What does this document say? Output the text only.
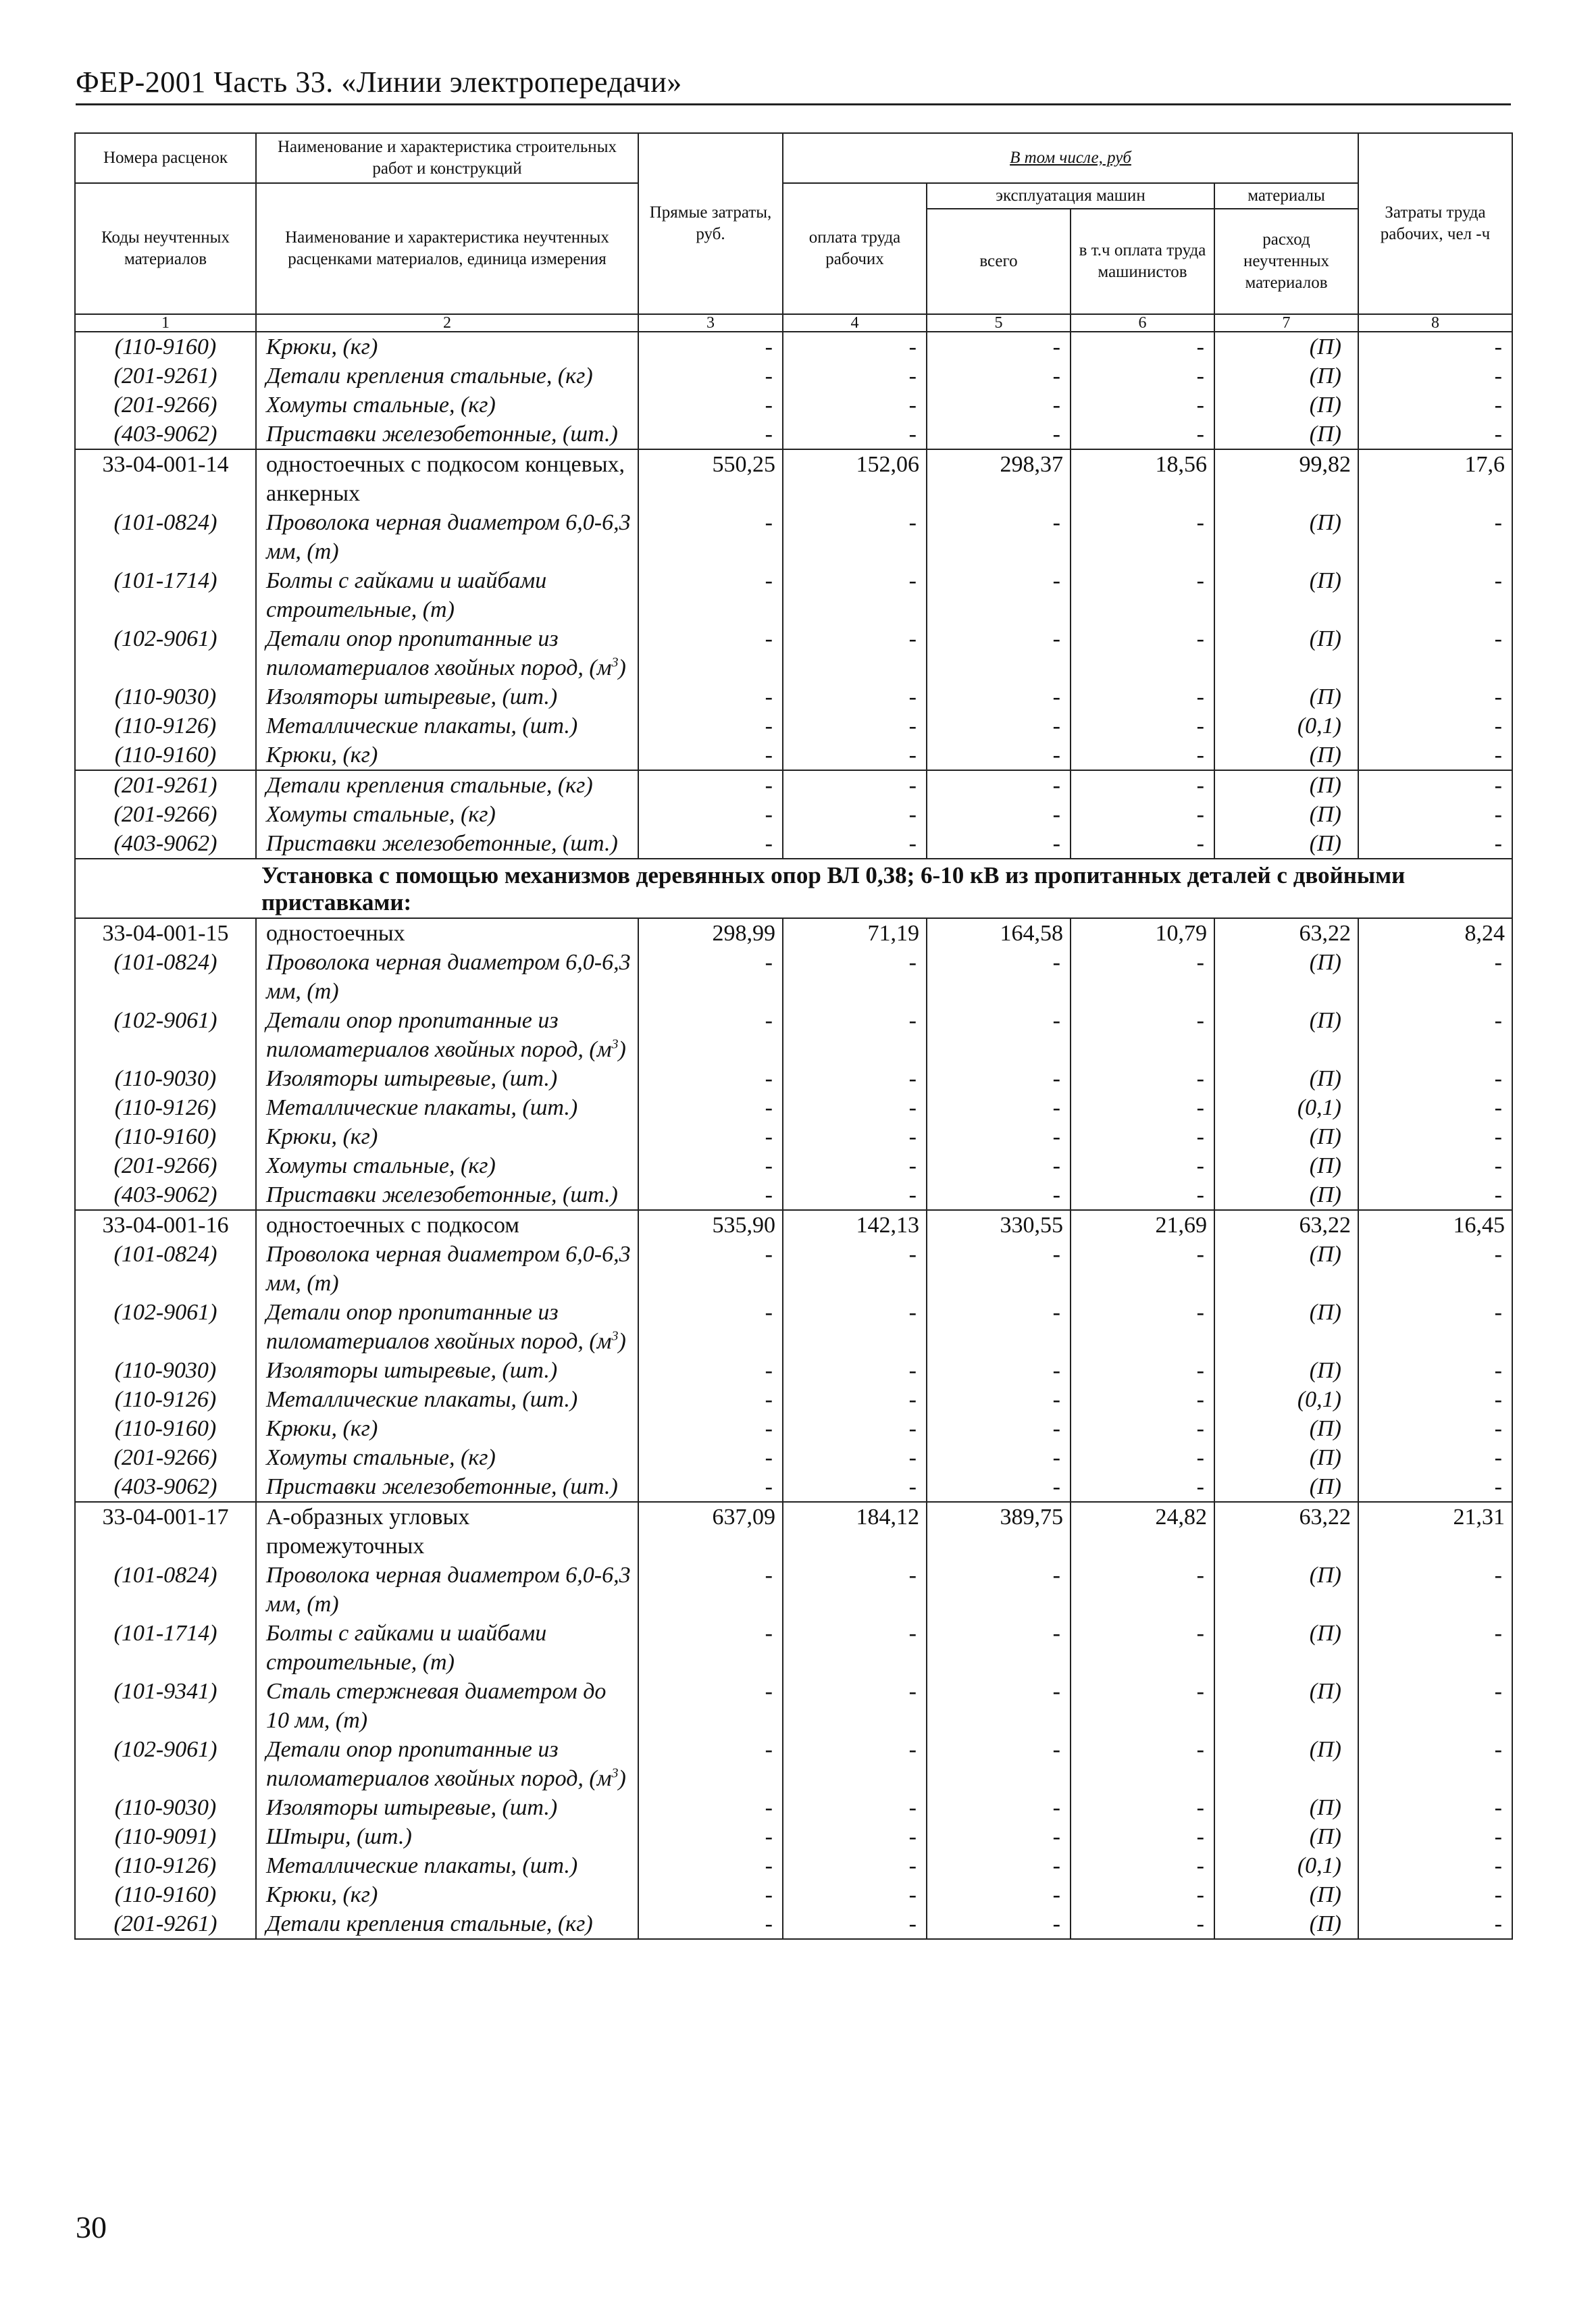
ФЕР-2001 Часть 33. «Линии электропередачи»
Номера расценок	Наименование и характеристика строительных работ и конструкций	Прямые затраты, руб.	В том числе, руб				Затраты труда рабочих, чел -ч
Коды неучтенных материалов	Наименование и характеристика неучтенных расценками материалов, единица измерения		оплата труда рабочих	эксплуатация машин		материалы	
				всего	в т.ч оплата труда машинистов	расход неучтенных материалов	
1	2	3	4	5	6	7	8
(110-9160)	Крюки, (кг)	-	-	-	-	(П)	-
(201-9261)	Детали крепления стальные, (кг)	-	-	-	-	(П)	-
(201-9266)	Хомуты стальные, (кг)	-	-	-	-	(П)	-
(403-9062)	Приставки железобетонные, (шт.)	-	-	-	-	(П)	-
33-04-001-14	одностоечных с подкосом концевых, анкерных	550,25	152,06	298,37	18,56	99,82	17,6
(101-0824)	Проволока черная диаметром 6,0-6,3 мм, (т)	-	-	-	-	(П)	-
(101-1714)	Болты с гайками и шайбами строительные, (т)	-	-	-	-	(П)	-
(102-9061)	Детали опор пропитанные из пиломатериалов хвойных пород, $(м^3)$	-	-	-	-	(П)	-
(110-9030)	Изоляторы штыревые, (шт.)	-	-	-	-	(П)	-
(110-9126)	Металлические плакаты, (шт.)	-	-	-	-	(0,1)	-
(110-9160)	Крюки, (кг)	-	-	-	-	(П)	-
(201-9261)	Детали крепления стальные, (кг)	-	-	-	-	(П)	-
(201-9266)	Хомуты стальные, (кг)	-	-	-	-	(П)	-
(403-9062)	Приставки железобетонные, (шт.)	-	-	-	-	(П)	-
	Установка с помощью механизмов деревянных опор ВЛ 0,38; 6-10 кВ из пропитанных деталей с двойными приставками:						
33-04-001-15	одностоечных	298,99	71,19	164,58	10,79	63,22	8,24
(101-0824)	Проволока черная диаметром 6,0-6,3 мм, (т)	-	-	-	-	(П)	-
(102-9061)	Детали опор пропитанные из пиломатериалов хвойных пород, $(м^3)$	-	-	-	-	(П)	-
(110-9030)	Изоляторы штыревые, (шт.)	-	-	-	-	(П)	-
(110-9126)	Металлические плакаты, (шт.)	-	-	-	-	(0,1)	-
(110-9160)	Крюки, (кг)	-	-	-	-	(П)	-
(201-9266)	Хомуты стальные, (кг)	-	-	-	-	(П)	-
(403-9062)	Приставки железобетонные, (шт.)	-	-	-	-	(П)	-
33-04-001-16	одностоечных с подкосом	535,90	142,13	330,55	21,69	63,22	16,45
(101-0824)	Проволока черная диаметром 6,0-6,3 мм, (т)	-	-	-	-	(П)	-
(102-9061)	Детали опор пропитанные из пиломатериалов хвойных пород, $(м^3)$	-	-	-	-	(П)	-
(110-9030)	Изоляторы штыревые, (шт.)	-	-	-	-	(П)	-
(110-9126)	Металлические плакаты, (шт.)	-	-	-	-	(0,1)	-
(110-9160)	Крюки, (кг)	-	-	-	-	(П)	-
(201-9266)	Хомуты стальные, (кг)	-	-	-	-	(П)	-
(403-9062)	Приставки железобетонные, (шт.)	-	-	-	-	(П)	-
33-04-001-17	А-образных угловых промежуточных	637,09	184,12	389,75	24,82	63,22	21,31
(101-0824)	Проволока черная диаметром 6,0-6,3 мм, (т)	-	-	-	-	(П)	-
(101-1714)	Болты с гайками и шайбами строительные, (т)	-	-	-	-	(П)	-
(101-9341)	Сталь стержневая диаметром до 10 мм, (т)	-	-	-	-	(П)	-
(102-9061)	Детали опор пропитанные из пиломатериалов хвойных пород, $(м^3)$	-	-	-	-	(П)	-
(110-9030)	Изоляторы штыревые, (шт.)	-	-	-	-	(П)	-
(110-9091)	Штыри, (шт.)	-	-	-	-	(П)	-
(110-9126)	Металлические плакаты, (шт.)	-	-	-	-	(0,1)	-
(110-9160)	Крюки, (кг)	-	-	-	-	(П)	-
(201-9261)	Детали крепления стальные, (кг)	-	-	-	-	(П)	-
30
